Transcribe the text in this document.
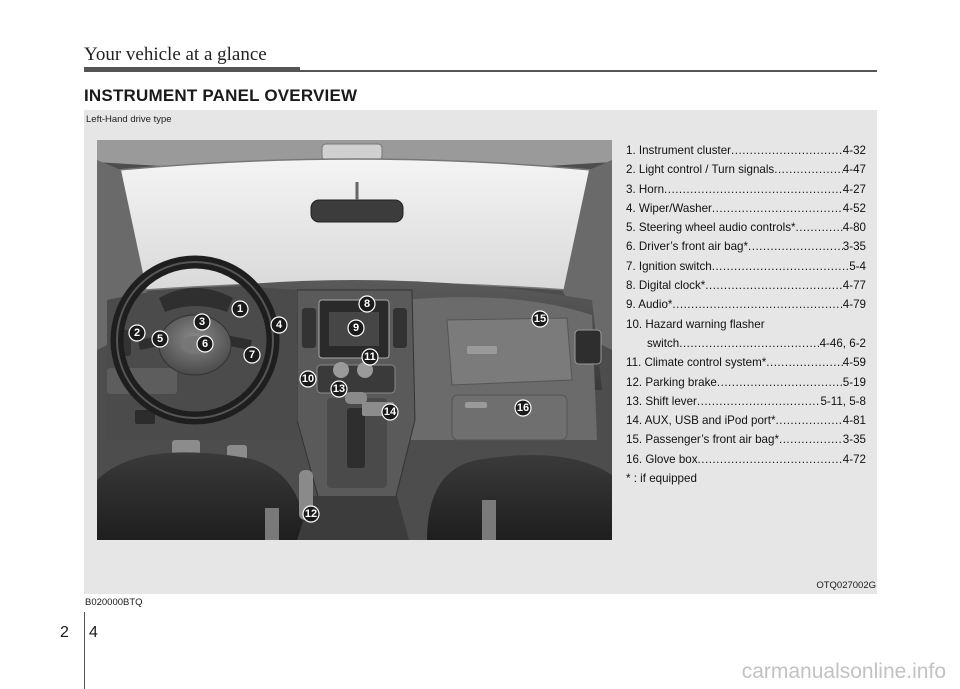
Your vehicle at a glance
INSTRUMENT PANEL OVERVIEW
Left-Hand drive type
1
2
3	4
5	6
7
8
9
10
11
12
13
14
15
16
1. Instrument cluster .....	4-32
2. Light control / Turn signals .....	4-47
3. Horn .....	4-27
4. Wiper/Washer .....	4-52
5. Steering wheel audio controls* .....	4-80
6. Driver’s front air bag* .....	3-35
7. Ignition switch .....	5-4
8. Digital clock* .....	4-77
9. Audio* .....	4-79
10. Hazard warning flasher
switch .....	4-46, 6-2
11. Climate control system* .....	4-59
12. Parking brake .....	5-19
13. Shift lever .....	5-11, 5-8
14. AUX, USB and iPod port* .....	4-81
15. Passenger’s front air bag* .....	3-35
16. Glove box .....	4-72
* : if equipped
OTQ027002G
B020000BTQ
2 4
carmanualsonline.info
